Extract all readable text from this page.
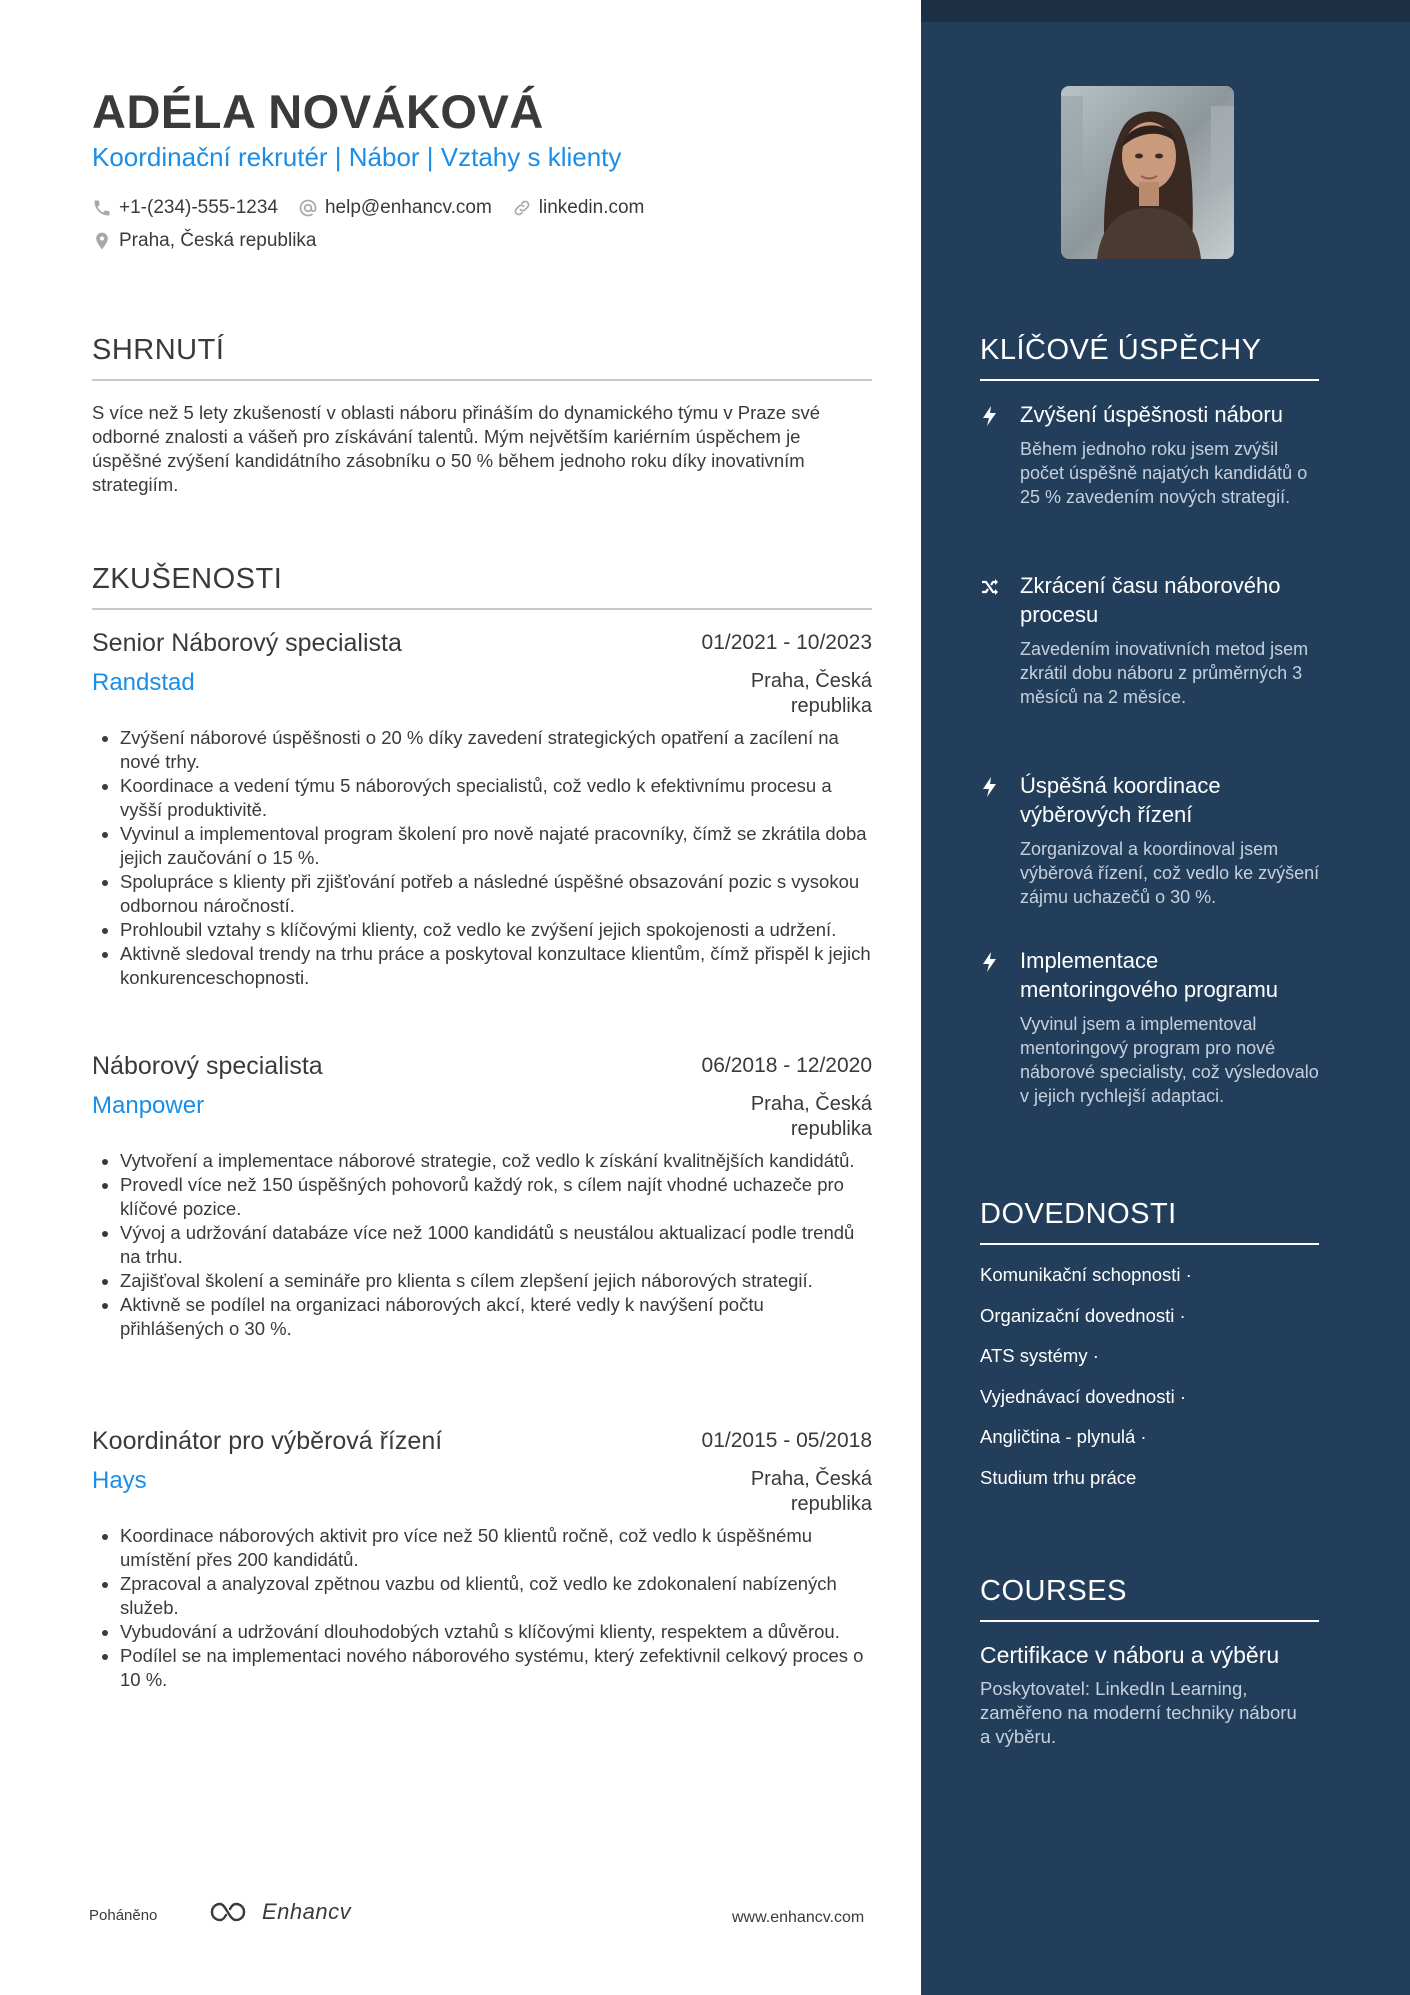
ADÉLA NOVÁKOVÁ
Koordinační rekrutér | Nábor | Vztahy s klienty
+1-(234)-555-1234 help@enhancv.com linkedin.com
Praha, Česká republika
SHRNUTÍ
S více než 5 lety zkušeností v oblasti náboru přináším do dynamického týmu v Praze své odborné znalosti a vášeň pro získávání talentů. Mým největším kariérním úspěchem je úspěšné zvýšení kandidátního zásobníku o 50 % během jednoho roku díky inovativním strategiím.
ZKUŠENOSTI
Senior Náborový specialista	01/2021 - 10/2023
Randstad	Praha, Česká republika
Zvýšení náborové úspěšnosti o 20 % díky zavedení strategických opatření a zacílení na nové trhy.
Koordinace a vedení týmu 5 náborových specialistů, což vedlo k efektivnímu procesu a vyšší produktivitě.
Vyvinul a implementoval program školení pro nově najaté pracovníky, čímž se zkrátila doba jejich zaučování o 15 %.
Spolupráce s klienty při zjišťování potřeb a následné úspěšné obsazování pozic s vysokou odbornou náročností.
Prohloubil vztahy s klíčovými klienty, což vedlo ke zvýšení jejich spokojenosti a udržení.
Aktivně sledoval trendy na trhu práce a poskytoval konzultace klientům, čímž přispěl k jejich konkurenceschopnosti.
Náborový specialista	06/2018 - 12/2020
Manpower	Praha, Česká republika
Vytvoření a implementace náborové strategie, což vedlo k získání kvalitnějších kandidátů.
Provedl více než 150 úspěšných pohovorů každý rok, s cílem najít vhodné uchazeče pro klíčové pozice.
Vývoj a udržování databáze více než 1000 kandidátů s neustálou aktualizací podle trendů na trhu.
Zajišťoval školení a semináře pro klienta s cílem zlepšení jejich náborových strategií.
Aktivně se podílel na organizaci náborových akcí, které vedly k navýšení počtu přihlášených o 30 %.
Koordinátor pro výběrová řízení	01/2015 - 05/2018
Hays	Praha, Česká republika
Koordinace náborových aktivit pro více než 50 klientů ročně, což vedlo k úspěšnému umístění přes 200 kandidátů.
Zpracoval a analyzoval zpětnou vazbu od klientů, což vedlo ke zdokonalení nabízených služeb.
Vybudování a udržování dlouhodobých vztahů s klíčovými klienty, respektem a důvěrou.
Podílel se na implementaci nového náborového systému, který zefektivnil celkový proces o 10 %.
Poháněno	Enhancv	www.enhancv.com
KLÍČOVÉ ÚSPĚCHY
Zvýšení úspěšnosti náboru
Během jednoho roku jsem zvýšil počet úspěšně najatých kandidátů o 25 % zavedením nových strategií.
Zkrácení času náborového procesu
Zavedením inovativních metod jsem zkrátil dobu náboru z průměrných 3 měsíců na 2 měsíce.
Úspěšná koordinace výběrových řízení
Zorganizoval a koordinoval jsem výběrová řízení, což vedlo ke zvýšení zájmu uchazečů o 30 %.
Implementace mentoringového programu
Vyvinul jsem a implementoval mentoringový program pro nové náborové specialisty, což výsledovalo v jejich rychlejší adaptaci.
DOVEDNOSTI
Komunikační schopnosti ·
Organizační dovednosti ·
ATS systémy ·
Vyjednávací dovednosti ·
Angličtina - plynulá ·
Studium trhu práce
COURSES
Certifikace v náboru a výběru
Poskytovatel: LinkedIn Learning, zaměřeno na moderní techniky náboru a výběru.
